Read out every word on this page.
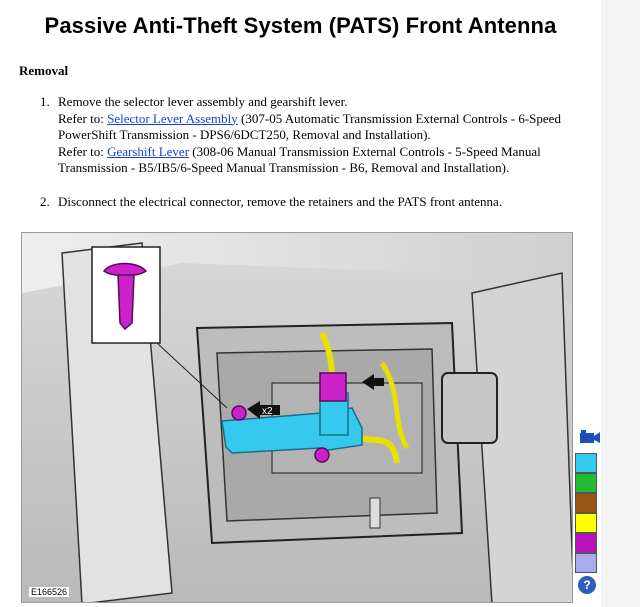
Passive Anti-Theft System (PATS) Front Antenna
Removal
1. Remove the selector lever assembly and gearshift lever.
Refer to: Selector Lever Assembly (307-05 Automatic Transmission External Controls - 6-Speed PowerShift Transmission - DPS6/6DCT250, Removal and Installation).
Refer to: Gearshift Lever (308-06 Manual Transmission External Controls - 5-Speed Manual Transmission - B5/IB5/6-Speed Manual Transmission - B6, Removal and Installation).
2. Disconnect the electrical connector, remove the retainers and the PATS front antenna.
x2
E166526	?
